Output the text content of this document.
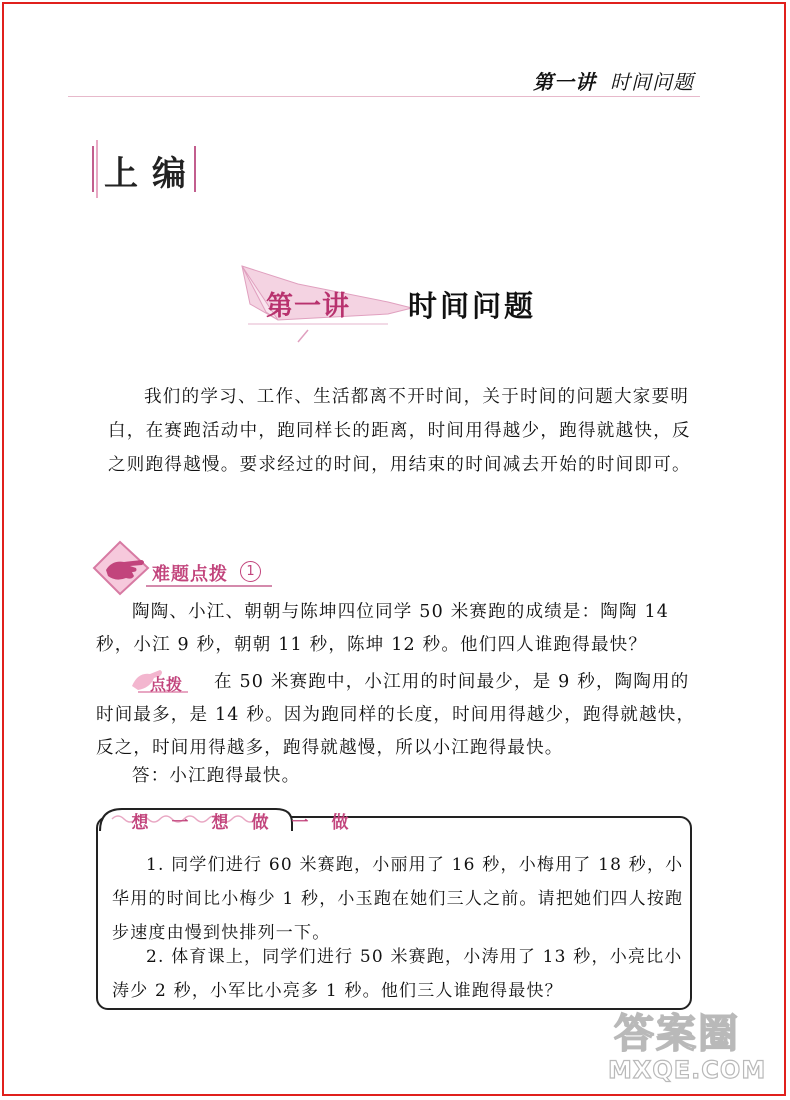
第一讲 时间问题
上编
第一讲 时间问题

我们的学习、工作、生活都离不开时间，关于时间的问题大家要明白，在赛跑活动中，跑同样长的距离，时间用得越少，跑得就越快，反之则跑得越慢。要求经过的时间，用结束的时间减去开始的时间即可。

难题点拨	1

陶陶、小江、朝朝与陈坤四位同学 50 米赛跑的成绩是：陶陶 14 秒，小江 9 秒，朝朝 11 秒，陈坤 12 秒。他们四人谁跑得最快？

点拨	在 50 米赛跑中，小江用的时间最少，是 9 秒，陶陶用的时间最多，是 14 秒。因为跑同样的长度，时间用得越少，跑得就越快，反之，时间用得越多，跑得就越慢，所以小江跑得最快。

答：小江跑得最快。

想 一 想 做	一 做

1. 同学们进行 60 米赛跑，小丽用了 16 秒，小梅用了 18 秒，小华用的时间比小梅少 1 秒，小玉跑在她们三人之前。请把她们四人按跑步速度由慢到快排列一下。

2. 体育课上，同学们进行 50 米赛跑，小涛用了 13 秒，小亮比小涛少 2 秒，小军比小亮多 1 秒。他们三人谁跑得最快？

答案圈
MXQE.COM
